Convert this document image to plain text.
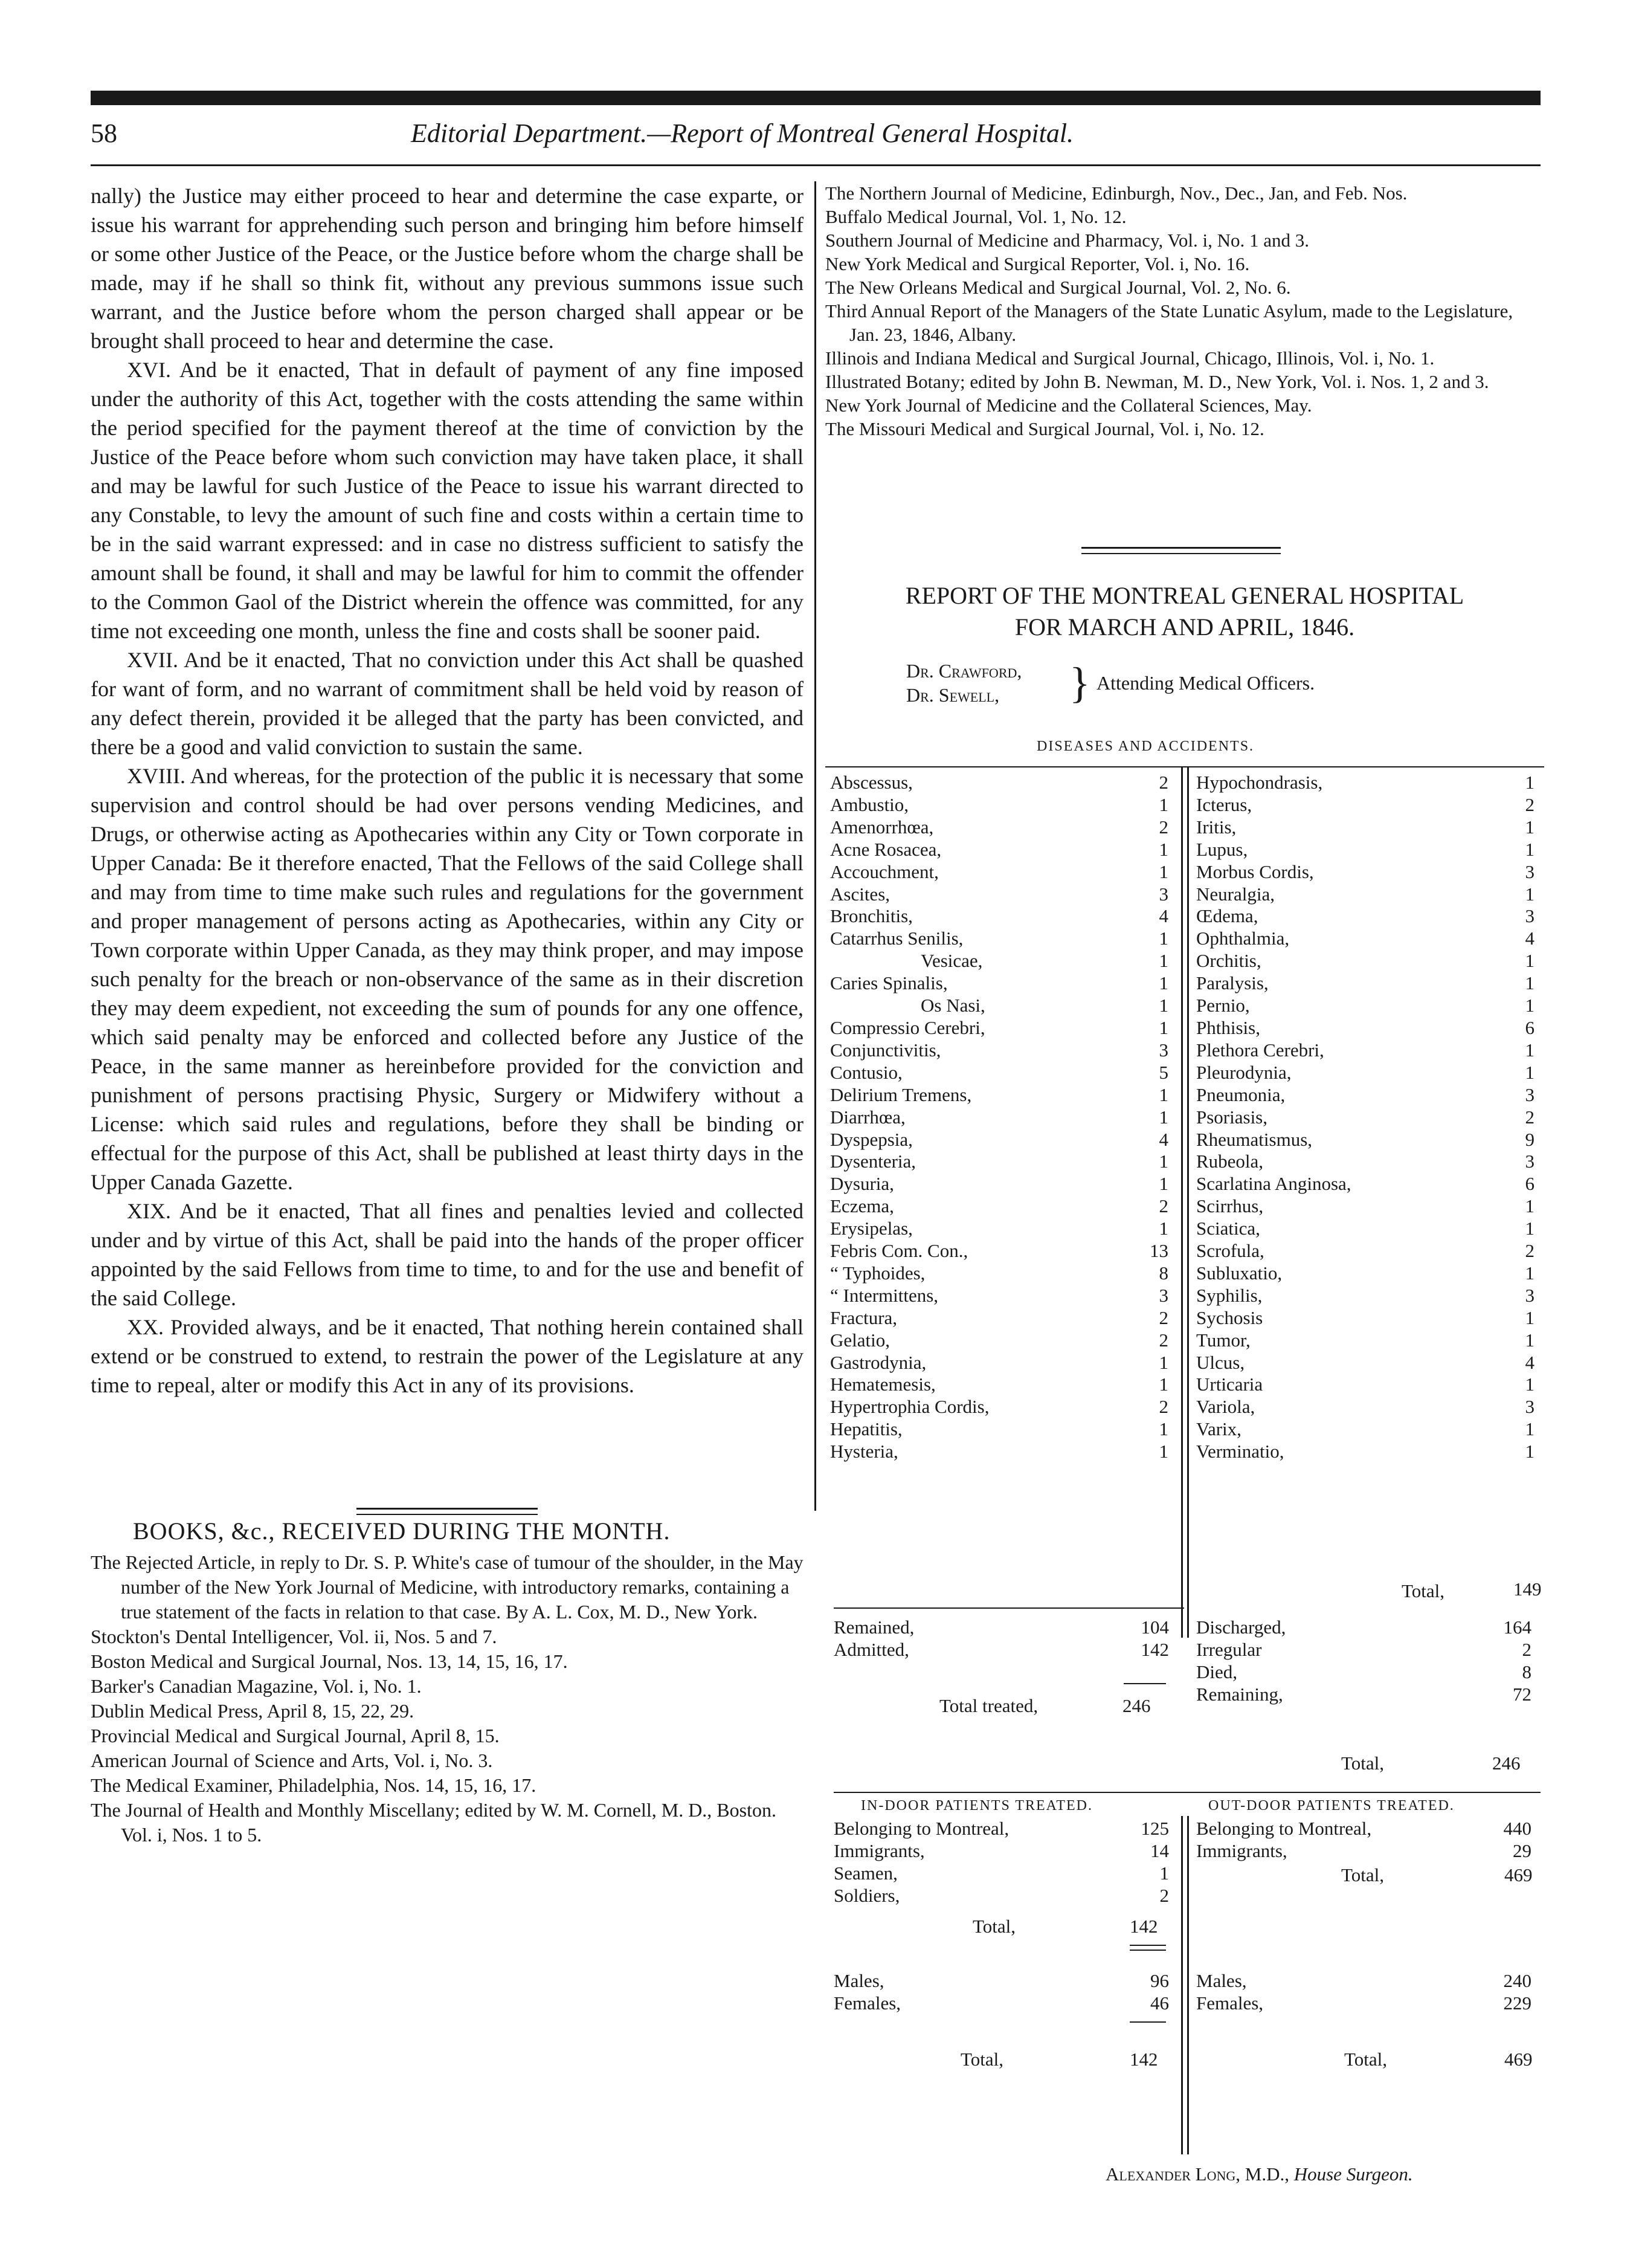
58	Editorial Department.—Report of Montreal General Hospital.

nally) the Justice may either proceed to hear and determine the case exparte, or issue his warrant for apprehending such person and bringing him before himself or some other Justice of the Peace, or the Justice before whom the charge shall be made, may if he shall so think fit, without any previous summons issue such warrant, and the Justice before whom the person charged shall appear or be brought shall proceed to hear and determine the case.

XVI. And be it enacted, That in default of payment of any fine imposed under the authority of this Act, together with the costs attending the same within the period specified for the payment thereof at the time of conviction by the Justice of the Peace before whom such conviction may have taken place, it shall and may be lawful for such Justice of the Peace to issue his warrant directed to any Constable, to levy the amount of such fine and costs within a certain time to be in the said warrant expressed: and in case no distress sufficient to satisfy the amount shall be found, it shall and may be lawful for him to commit the offender to the Common Gaol of the District wherein the offence was committed, for any time not exceeding one month, unless the fine and costs shall be sooner paid.

XVII. And be it enacted, That no conviction under this Act shall be quashed for want of form, and no warrant of commitment shall be held void by reason of any defect therein, provided it be alleged that the party has been convicted, and there be a good and valid conviction to sustain the same.

XVIII. And whereas, for the protection of the public it is necessary that some supervision and control should be had over persons vending Medicines, and Drugs, or otherwise acting as Apothecaries within any City or Town corporate in Upper Canada: Be it therefore enacted, That the Fellows of the said College shall and may from time to time make such rules and regulations for the government and proper management of persons acting as Apothecaries, within any City or Town corporate within Upper Canada, as they may think proper, and may impose such penalty for the breach or non-observance of the same as in their discretion they may deem expedient, not exceeding the sum of pounds for any one offence, which said penalty may be enforced and collected before any Justice of the Peace, in the same manner as hereinbefore provided for the conviction and punishment of persons practising Physic, Surgery or Midwifery without a License: which said rules and regulations, before they shall be binding or effectual for the purpose of this Act, shall be published at least thirty days in the Upper Canada Gazette.

XIX. And be it enacted, That all fines and penalties levied and collected under and by virtue of this Act, shall be paid into the hands of the proper officer appointed by the said Fellows from time to time, to and for the use and benefit of the said College.

XX. Provided always, and be it enacted, That nothing herein contained shall extend or be construed to extend, to restrain the power of the Legislature at any time to repeal, alter or modify this Act in any of its provisions.

BOOKS, &c., RECEIVED DURING THE MONTH.
The Rejected Article, in reply to Dr. S. P. White's case of tumour of the shoulder, in the May number of the New York Journal of Medicine, with introductory remarks, containing a true statement of the facts in relation to that case. By A. L. Cox, M. D., New York.
Stockton's Dental Intelligencer, Vol. ii, Nos. 5 and 7.
Boston Medical and Surgical Journal, Nos. 13, 14, 15, 16, 17.
Barker's Canadian Magazine, Vol. i, No. 1.
Dublin Medical Press, April 8, 15, 22, 29.
Provincial Medical and Surgical Journal, April 8, 15.
American Journal of Science and Arts, Vol. i, No. 3.
The Medical Examiner, Philadelphia, Nos. 14, 15, 16, 17.
The Journal of Health and Monthly Miscellany; edited by W. M. Cornell, M. D., Boston. Vol. i, Nos. 1 to 5.
The Northern Journal of Medicine, Edinburgh, Nov., Dec., Jan, and Feb. Nos.
Buffalo Medical Journal, Vol. 1, No. 12.
Southern Journal of Medicine and Pharmacy, Vol. i, No. 1 and 3.
New York Medical and Surgical Reporter, Vol. i, No. 16.
The New Orleans Medical and Surgical Journal, Vol. 2, No. 6.
Third Annual Report of the Managers of the State Lunatic Asylum, made to the Legislature, Jan. 23, 1846, Albany.
Illinois and Indiana Medical and Surgical Journal, Chicago, Illinois, Vol. i, No. 1.
Illustrated Botany; edited by John B. Newman, M. D., New York, Vol. i. Nos. 1, 2 and 3.
New York Journal of Medicine and the Collateral Sciences, May.
The Missouri Medical and Surgical Journal, Vol. i, No. 12.
REPORT OF THE MONTREAL GENERAL HOSPITAL
FOR MARCH AND APRIL, 1846.
Dr. Crawford,
Dr. Sewell,	} Attending Medical Officers.
DISEASES AND ACCIDENTS.
Abscessus,	2
Ambustio,	1
Amenorrhœa,	2
Acne Rosacea,	1
Accouchment,	1
Ascites,	3
Bronchitis,	4
Catarrhus Senilis,	1
Vesicae,	1
Caries Spinalis,	1
Os Nasi,	1
Compressio Cerebri,	1
Conjunctivitis,	3
Contusio,	5
Delirium Tremens,	1
Diarrhœa,	1
Dyspepsia,	4
Dysenteria,	1
Dysuria,	1
Eczema,	2
Erysipelas,	1
Febris Com. Con.,	13
“ Typhoides,	8
“ Intermittens,	3
Fractura,	2
Gelatio,	2
Gastrodynia,	1
Hematemesis,	1
Hypertrophia Cordis,	2
Hepatitis,	1
Hysteria,	1
Hypochondrasis,	1
Icterus,	2
Iritis,	1
Lupus,	1
Morbus Cordis,	3
Neuralgia,	1
Œdema,	3
Ophthalmia,	4
Orchitis,	1
Paralysis,	1
Pernio,	1
Phthisis,	6
Plethora Cerebri,	1
Pleurodynia,	1
Pneumonia,	3
Psoriasis,	2
Rheumatismus,	9
Rubeola,	3
Scarlatina Anginosa,	6
Scirrhus,	1
Sciatica,	1
Scrofula,	2
Subluxatio,	1
Syphilis,	3
Sychosis	1
Tumor,	1
Ulcus,	4
Urticaria	1
Variola,	3
Varix,	1
Verminatio,	1
Total,	149
Remained,	104
Admitted,	142
Total treated,	246
Discharged,	164
Irregular	2
Died,	8
Remaining,	72
Total,	246
IN-DOOR PATIENTS TREATED.	OUT-DOOR PATIENTS TREATED.
Belonging to Montreal,	125
Immigrants,	14
Seamen,	1
Soldiers,	2
Total,	142
Belonging to Montreal,	440
Immigrants,	29
Total,	469
Males,	96
Females,	46
Total,	142
Males,	240
Females,	229
Total,	469
Alexander Long, M.D., House Surgeon.
